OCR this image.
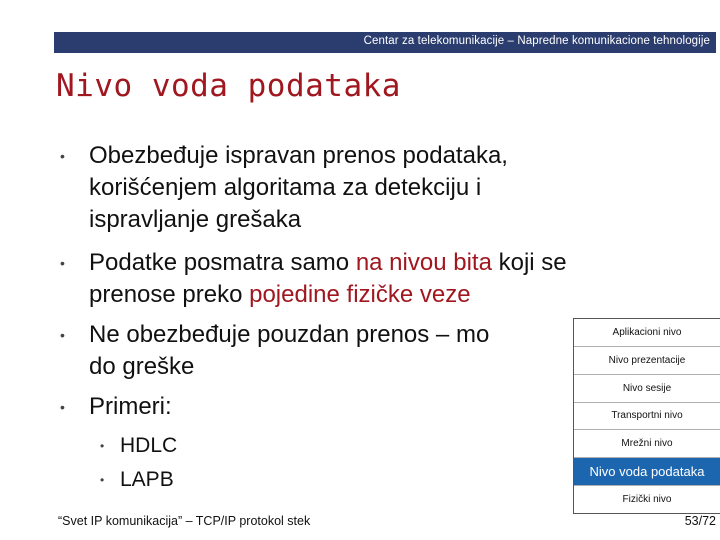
Centar za telekomunikacije – Napredne komunikacione tehnologije
Nivo voda podataka
• Obezbeđuje ispravan prenos podataka,
korišćenjem algoritama za detekciju i
ispravljanje grešaka
• Podatke posmatra samo na nivou bita koji se
prenose preko pojedine fizičke veze
• Ne obezbeđuje pouzdan prenos – mo
do greške
• Primeri:
• HDLC
• LAPB
Aplikacioni nivo
Nivo prezentacije
Nivo sesije
Transportni nivo
Mrežni nivo
Nivo voda podataka
Fizički nivo
“Svet IP komunikacija” – TCP/IP protokol stek	53/72
